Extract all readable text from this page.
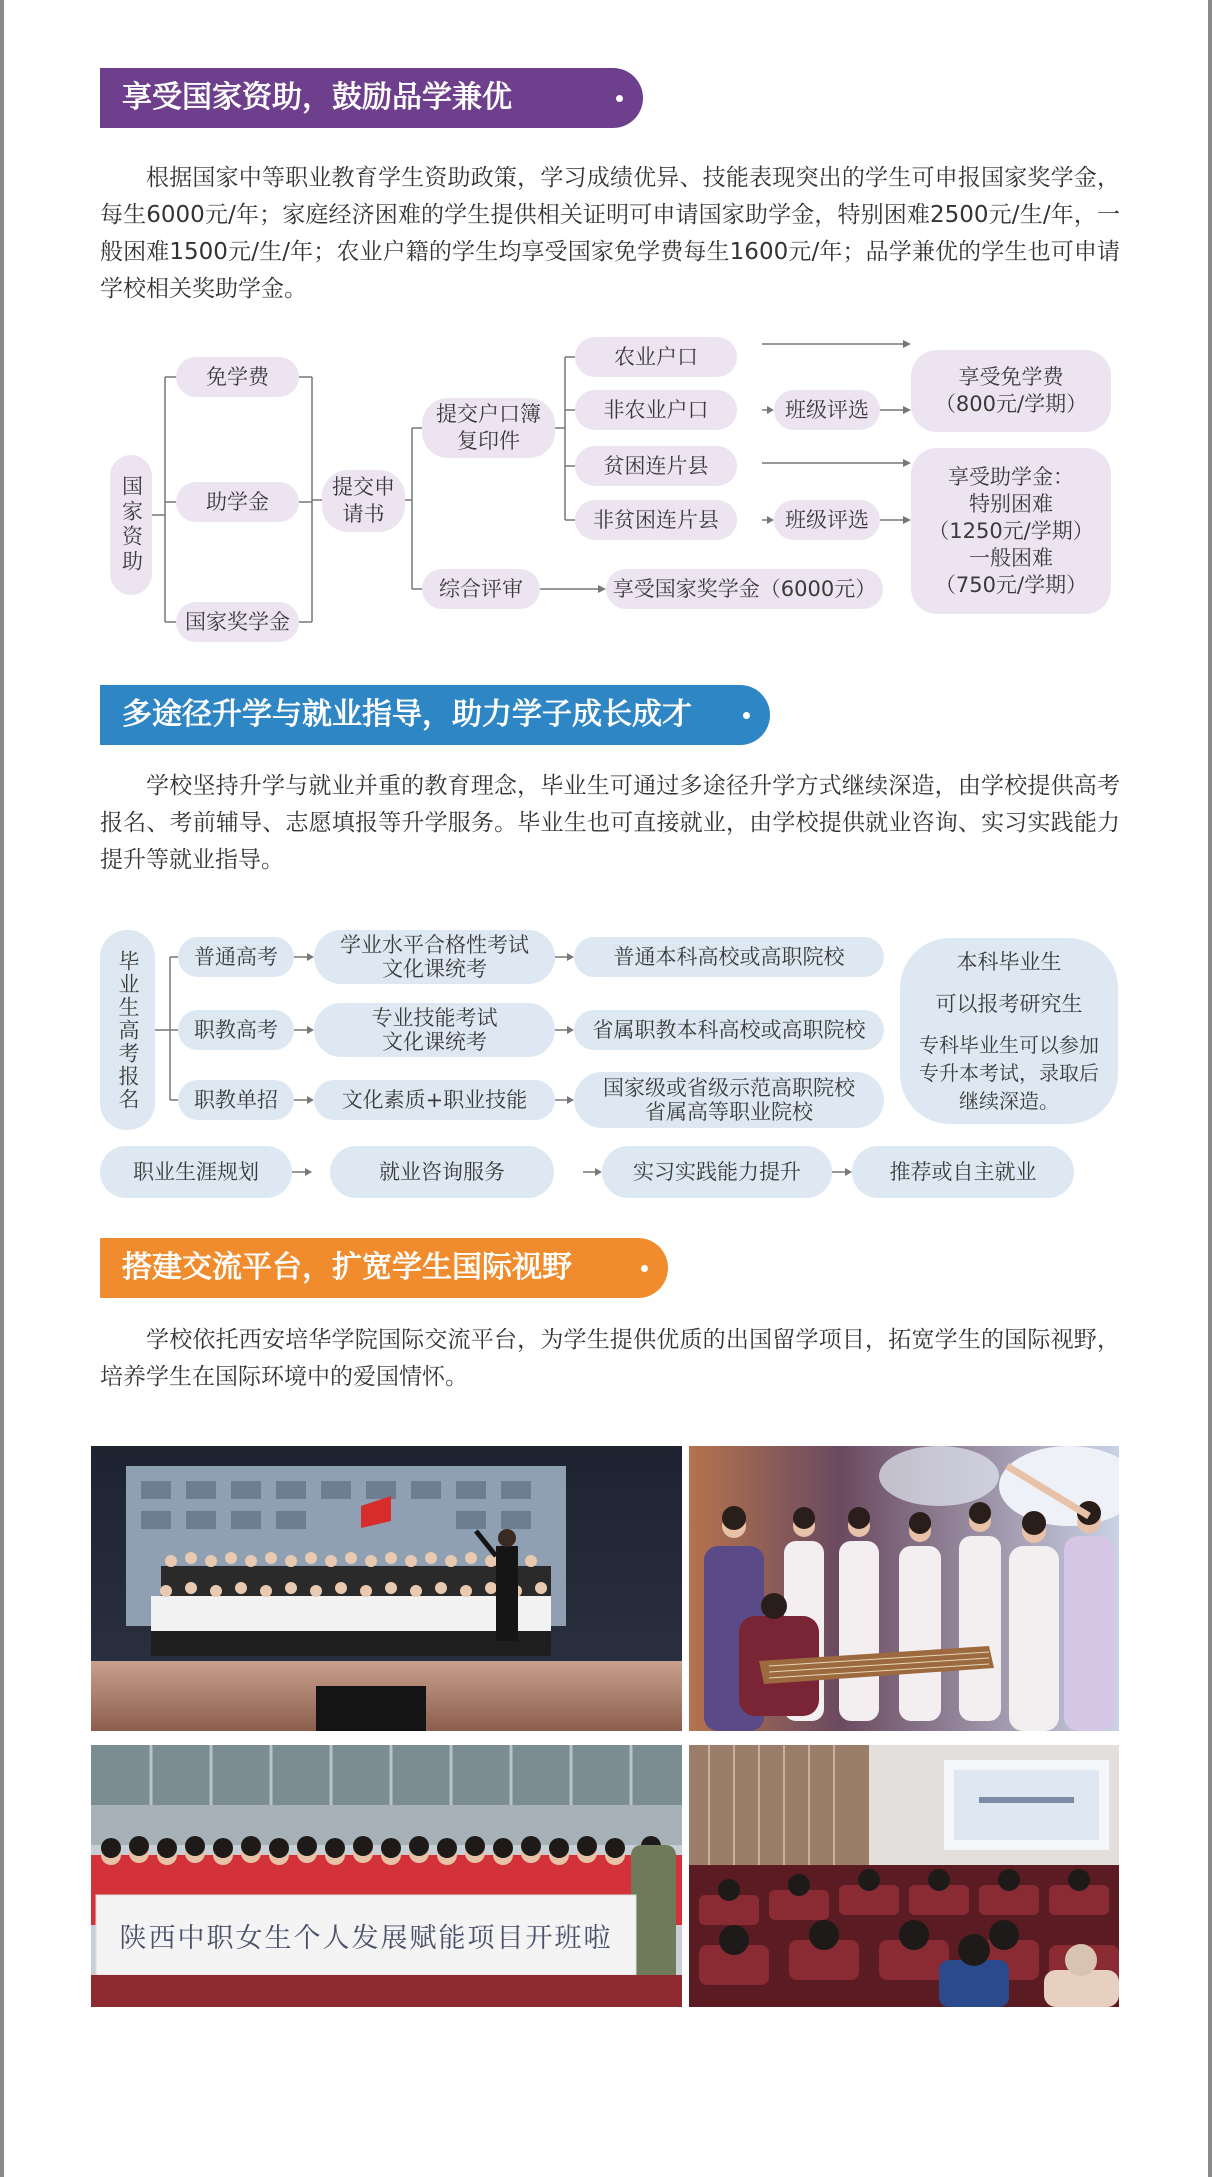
享受国家资助，鼓励品学兼优

根据国家中等职业教育学生资助政策，学习成绩优异、技能表现突出的学生可申报国家奖学金，每生6000元/年；家庭经济困难的学生提供相关证明可申请国家助学金，特别困难2500元/生/年，一般困难1500元/生/年；农业户籍的学生均享受国家免学费每生1600元/年；品学兼优的学生也可申请学校相关奖助学金。

国家资助
免学费
助学金
国家奖学金
提交申请书
提交户口簿复印件
农业户口
非农业户口
贫困连片县
非贫困连片县
班级评选
班级评选
综合评审	享受国家奖学金（6000元）
享受免学费
（800元/学期）
享受助学金：
特别困难
（1250元/学期）
一般困难
（750元/学期）
多途径升学与就业指导，助力学子成长成才

学校坚持升学与就业并重的教育理念，毕业生可通过多途径升学方式继续深造，由学校提供高考报名、考前辅导、志愿填报等升学服务。毕业生也可直接就业，由学校提供就业咨询、实习实践能力提升等就业指导。

毕业生高考报名	普通高考
职教高考
职教单招
学业水平合格性考试 文化课统考
专业技能考试 文化课统考
文化素质+职业技能
普通本科高校或高职院校
省属职教本科高校或高职院校
国家级或省级示范高职院校 省属高等职业院校
本科毕业生
可以报考研究生
专科毕业生可以参加专升本考试，录取后继续深造。
职业生涯规划	就业咨询服务	实习实践能力提升	推荐或自主就业
搭建交流平台，扩宽学生国际视野

学校依托西安培华学院国际交流平台，为学生提供优质的出国留学项目，拓宽学生的国际视野，培养学生在国际环境中的爱国情怀。

陕西中职女生个人发展赋能项目开班啦
